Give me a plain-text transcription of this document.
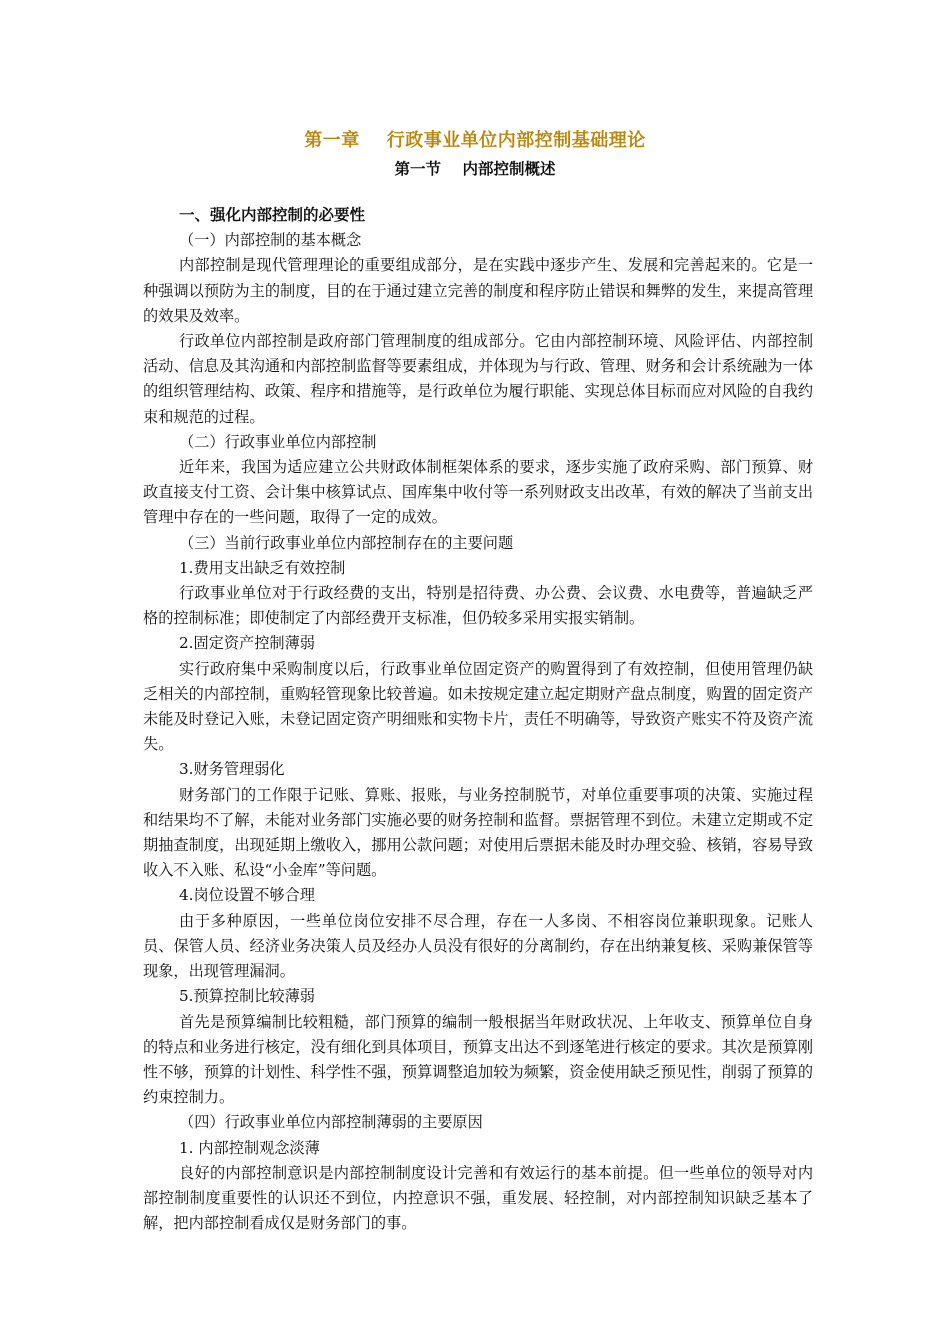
第一章    行政事业单位内部控制基础理论
第一节    内部控制概述
一、强化内部控制的必要性
（一）内部控制的基本概念

内部控制是现代管理理论的重要组成部分，是在实践中逐步产生、发展和完善起来的。它是一种强调以预防为主的制度，目的在于通过建立完善的制度和程序防止错误和舞弊的发生，来提高管理的效果及效率。

行政单位内部控制是政府部门管理制度的组成部分。它由内部控制环境、风险评估、内部控制活动、信息及其沟通和内部控制监督等要素组成，并体现为与行政、管理、财务和会计系统融为一体的组织管理结构、政策、程序和措施等，是行政单位为履行职能、实现总体目标而应对风险的自我约束和规范的过程。

（二）行政事业单位内部控制

近年来，我国为适应建立公共财政体制框架体系的要求，逐步实施了政府采购、部门预算、财政直接支付工资、会计集中核算试点、国库集中收付等一系列财政支出改革，有效的解决了当前支出管理中存在的一些问题，取得了一定的成效。

（三）当前行政事业单位内部控制存在的主要问题
1.费用支出缺乏有效控制

行政事业单位对于行政经费的支出，特别是招待费、办公费、会议费、水电费等，普遍缺乏严格的控制标准；即使制定了内部经费开支标准，但仍较多采用实报实销制。

2.固定资产控制薄弱

实行政府集中采购制度以后，行政事业单位固定资产的购置得到了有效控制，但使用管理仍缺乏相关的内部控制，重购轻管现象比较普遍。如未按规定建立起定期财产盘点制度，购置的固定资产未能及时登记入账，未登记固定资产明细账和实物卡片，责任不明确等，导致资产账实不符及资产流失。

3.财务管理弱化

财务部门的工作限于记账、算账、报账，与业务控制脱节，对单位重要事项的决策、实施过程和结果均不了解，未能对业务部门实施必要的财务控制和监督。票据管理不到位。未建立定期或不定期抽查制度，出现延期上缴收入，挪用公款问题；对使用后票据未能及时办理交验、核销，容易导致收入不入账、私设“小金库”等问题。

4.岗位设置不够合理

由于多种原因，一些单位岗位安排不尽合理，存在一人多岗、不相容岗位兼职现象。记账人员、保管人员、经济业务决策人员及经办人员没有很好的分离制约，存在出纳兼复核、采购兼保管等现象，出现管理漏洞。

5.预算控制比较薄弱

首先是预算编制比较粗糙，部门预算的编制一般根据当年财政状况、上年收支、预算单位自身的特点和业务进行核定，没有细化到具体项目，预算支出达不到逐笔进行核定的要求。其次是预算刚性不够，预算的计划性、科学性不强，预算调整追加较为频繁，资金使用缺乏预见性，削弱了预算的约束控制力。

（四）行政事业单位内部控制薄弱的主要原因
1. 内部控制观念淡薄

良好的内部控制意识是内部控制制度设计完善和有效运行的基本前提。但一些单位的领导对内部控制制度重要性的认识还不到位，内控意识不强，重发展、轻控制，对内部控制知识缺乏基本了解，把内部控制看成仅是财务部门的事。
